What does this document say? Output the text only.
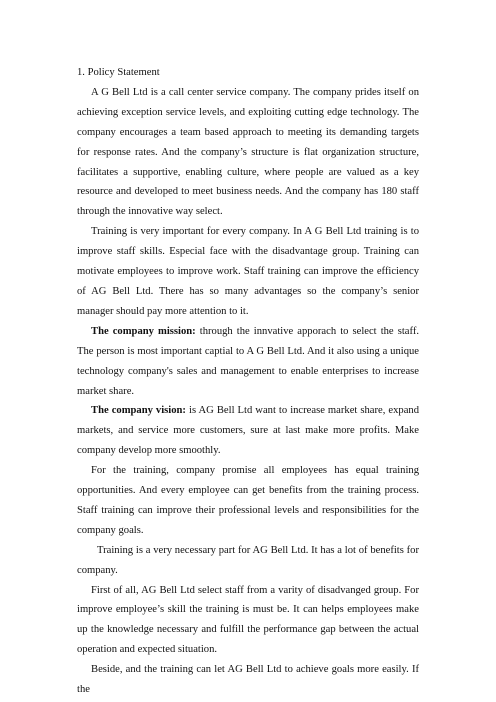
1. Policy Statement

A G Bell Ltd is a call center service company. The company prides itself on achieving exception service levels, and exploiting cutting edge technology. The company encourages a team based approach to meeting its demanding targets for response rates. And the company’s structure is flat organization structure, facilitates a supportive, enabling culture, where people are valued as a key resource and developed to meet business needs. And the company has 180 staff through the innovative way select.

Training is very important for every company. In A G Bell Ltd training is to improve staff skills. Especial face with the disadvantage group. Training can motivate employees to improve work. Staff training can improve the efficiency of AG Bell Ltd. There has so many advantages so the company’s senior manager should pay more attention to it.

The company mission: through the innvative apporach to select the staff. The person is most important captial to A G Bell Ltd. And it also using a unique technology company's sales and management to enable enterprises to increase market share.

The company vision: is AG Bell Ltd want to increase market share, expand markets, and service more customers, sure at last make more profits. Make company develop more smoothly.

For the training, company promise all employees has equal training opportunities. And every employee can get benefits from the training process. Staff training can improve their professional levels and responsibilities for the company goals.

Training is a very necessary part for AG Bell Ltd. It has a lot of benefits for company.

First of all, AG Bell Ltd select staff from a varity of disadvanged group. For improve employee’s skill the training is must be. It can helps employees make up the knowledge necessary and fulfill the performance gap between the actual operation and expected situation.

Beside, and the training can let AG Bell Ltd to achieve goals more easily. If the
